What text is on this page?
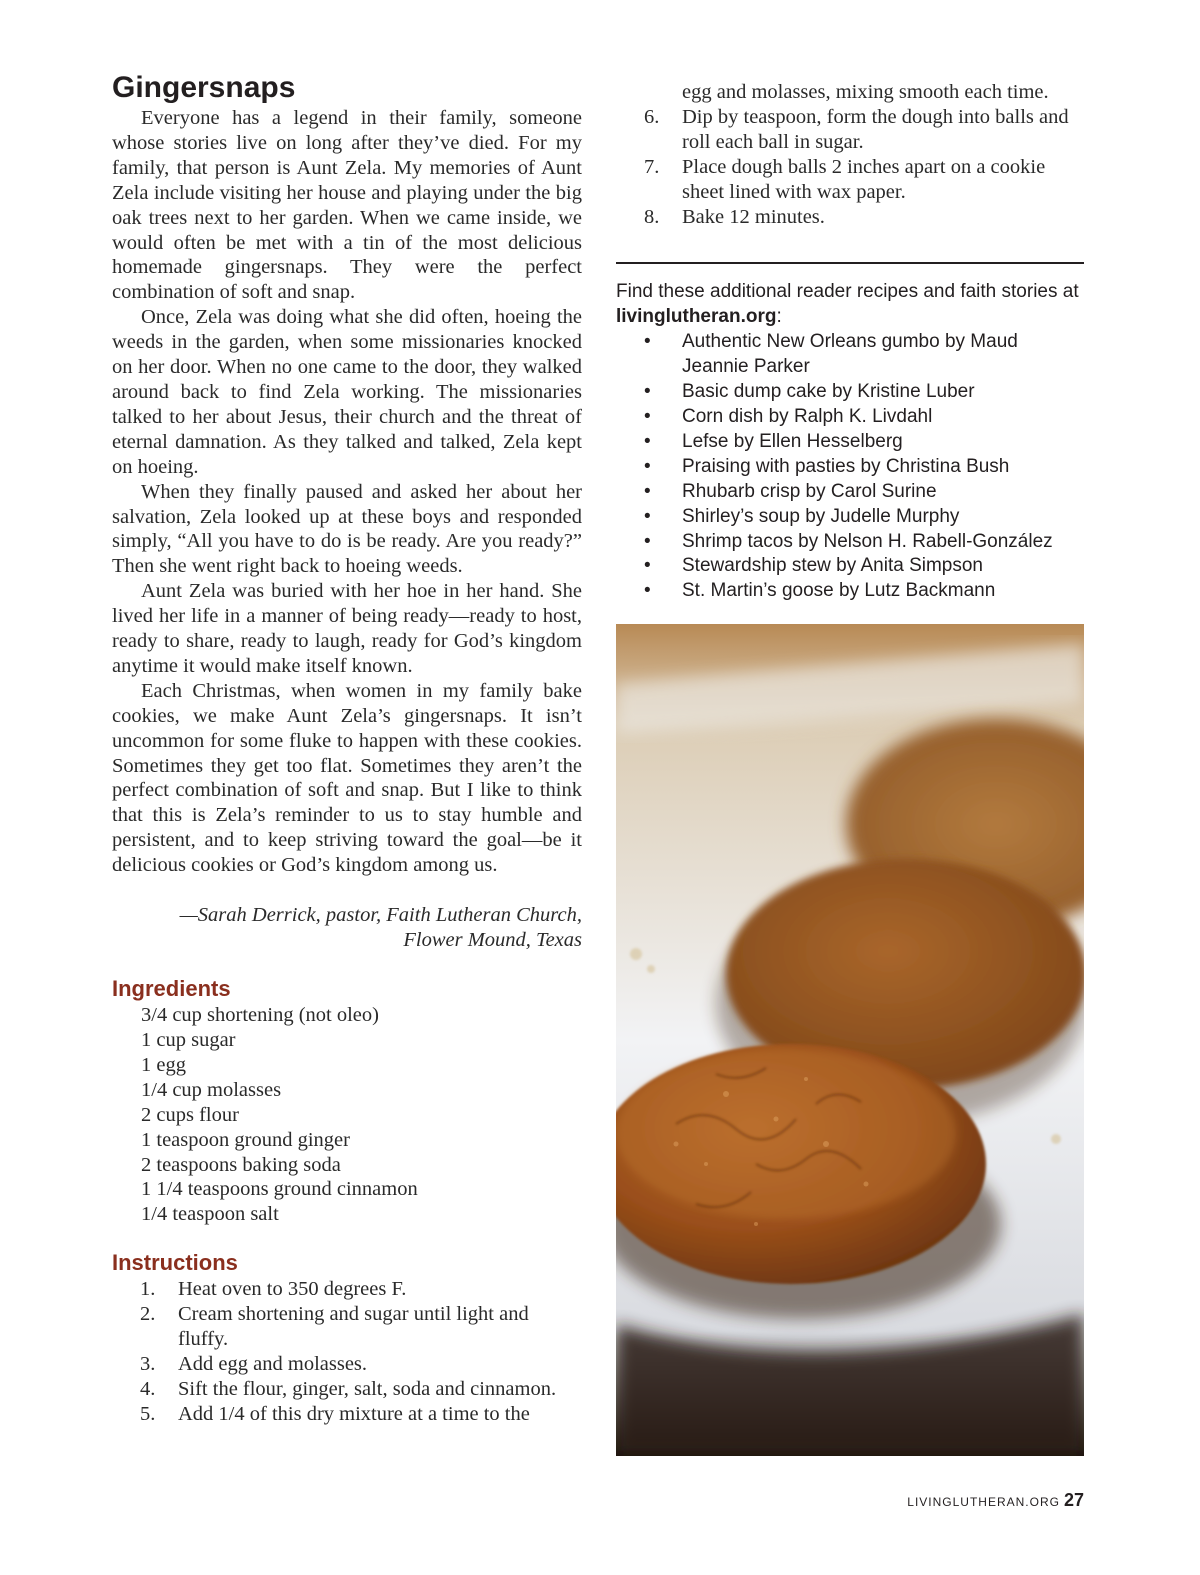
Gingersnaps

Everyone has a legend in their family, someone whose stories live on long after they’ve died. For my family, that person is Aunt Zela. My memories of Aunt Zela include visiting her house and playing under the big oak trees next to her garden. When we came inside, we would often be met with a tin of the most delicious homemade gingersnaps. They were the perfect combination of soft and snap.

Once, Zela was doing what she did often, hoeing the weeds in the garden, when some missionaries knocked on her door. When no one came to the door, they walked around back to find Zela working. The missionaries talked to her about Jesus, their church and the threat of eternal damnation. As they talked and talked, Zela kept on hoeing.

When they finally paused and asked her about her salvation, Zela looked up at these boys and responded simply, “All you have to do is be ready. Are you ready?” Then she went right back to hoeing weeds.

Aunt Zela was buried with her hoe in her hand. She lived her life in a manner of being ready—ready to host, ready to share, ready to laugh, ready for God’s kingdom anytime it would make itself known.

Each Christmas, when women in my family bake cookies, we make Aunt Zela’s gingersnaps. It isn’t uncommon for some fluke to happen with these cookies. Sometimes they get too flat. Sometimes they aren’t the perfect combination of soft and snap. But I like to think that this is Zela’s reminder to us to stay humble and persistent, and to keep striving toward the goal—be it delicious cookies or God’s kingdom among us.

—Sarah Derrick, pastor, Faith Lutheran Church,
Flower Mound, Texas
Ingredients
3/4 cup shortening (not oleo)
1 cup sugar
1 egg
1/4 cup molasses
2 cups flour
1 teaspoon ground ginger
2 teaspoons baking soda
1 1/4 teaspoons ground cinnamon
1/4 teaspoon salt
Instructions
1. Heat oven to 350 degrees F.
2. Cream shortening and sugar until light and fluffy.
3. Add egg and molasses.
4. Sift the flour, ginger, salt, soda and cinnamon.
5. Add 1/4 of this dry mixture at a time to the
egg and molasses, mixing smooth each time.
6. Dip by teaspoon, form the dough into balls and roll each ball in sugar.
7. Place dough balls 2 inches apart on a cookie sheet lined with wax paper.
8. Bake 12 minutes.
Find these additional reader recipes and faith stories at livinglutheran.org:
• Authentic New Orleans gumbo by Maud Jeannie Parker
• Basic dump cake by Kristine Luber
• Corn dish by Ralph K. Livdahl
• Lefse by Ellen Hesselberg
• Praising with pasties by Christina Bush
• Rhubarb crisp by Carol Surine
• Shirley’s soup by Judelle Murphy
• Shrimp tacos by Nelson H. Rabell-González
• Stewardship stew by Anita Simpson
• St. Martin’s goose by Lutz Backmann
LIVINGLUTHERAN.ORG 27
